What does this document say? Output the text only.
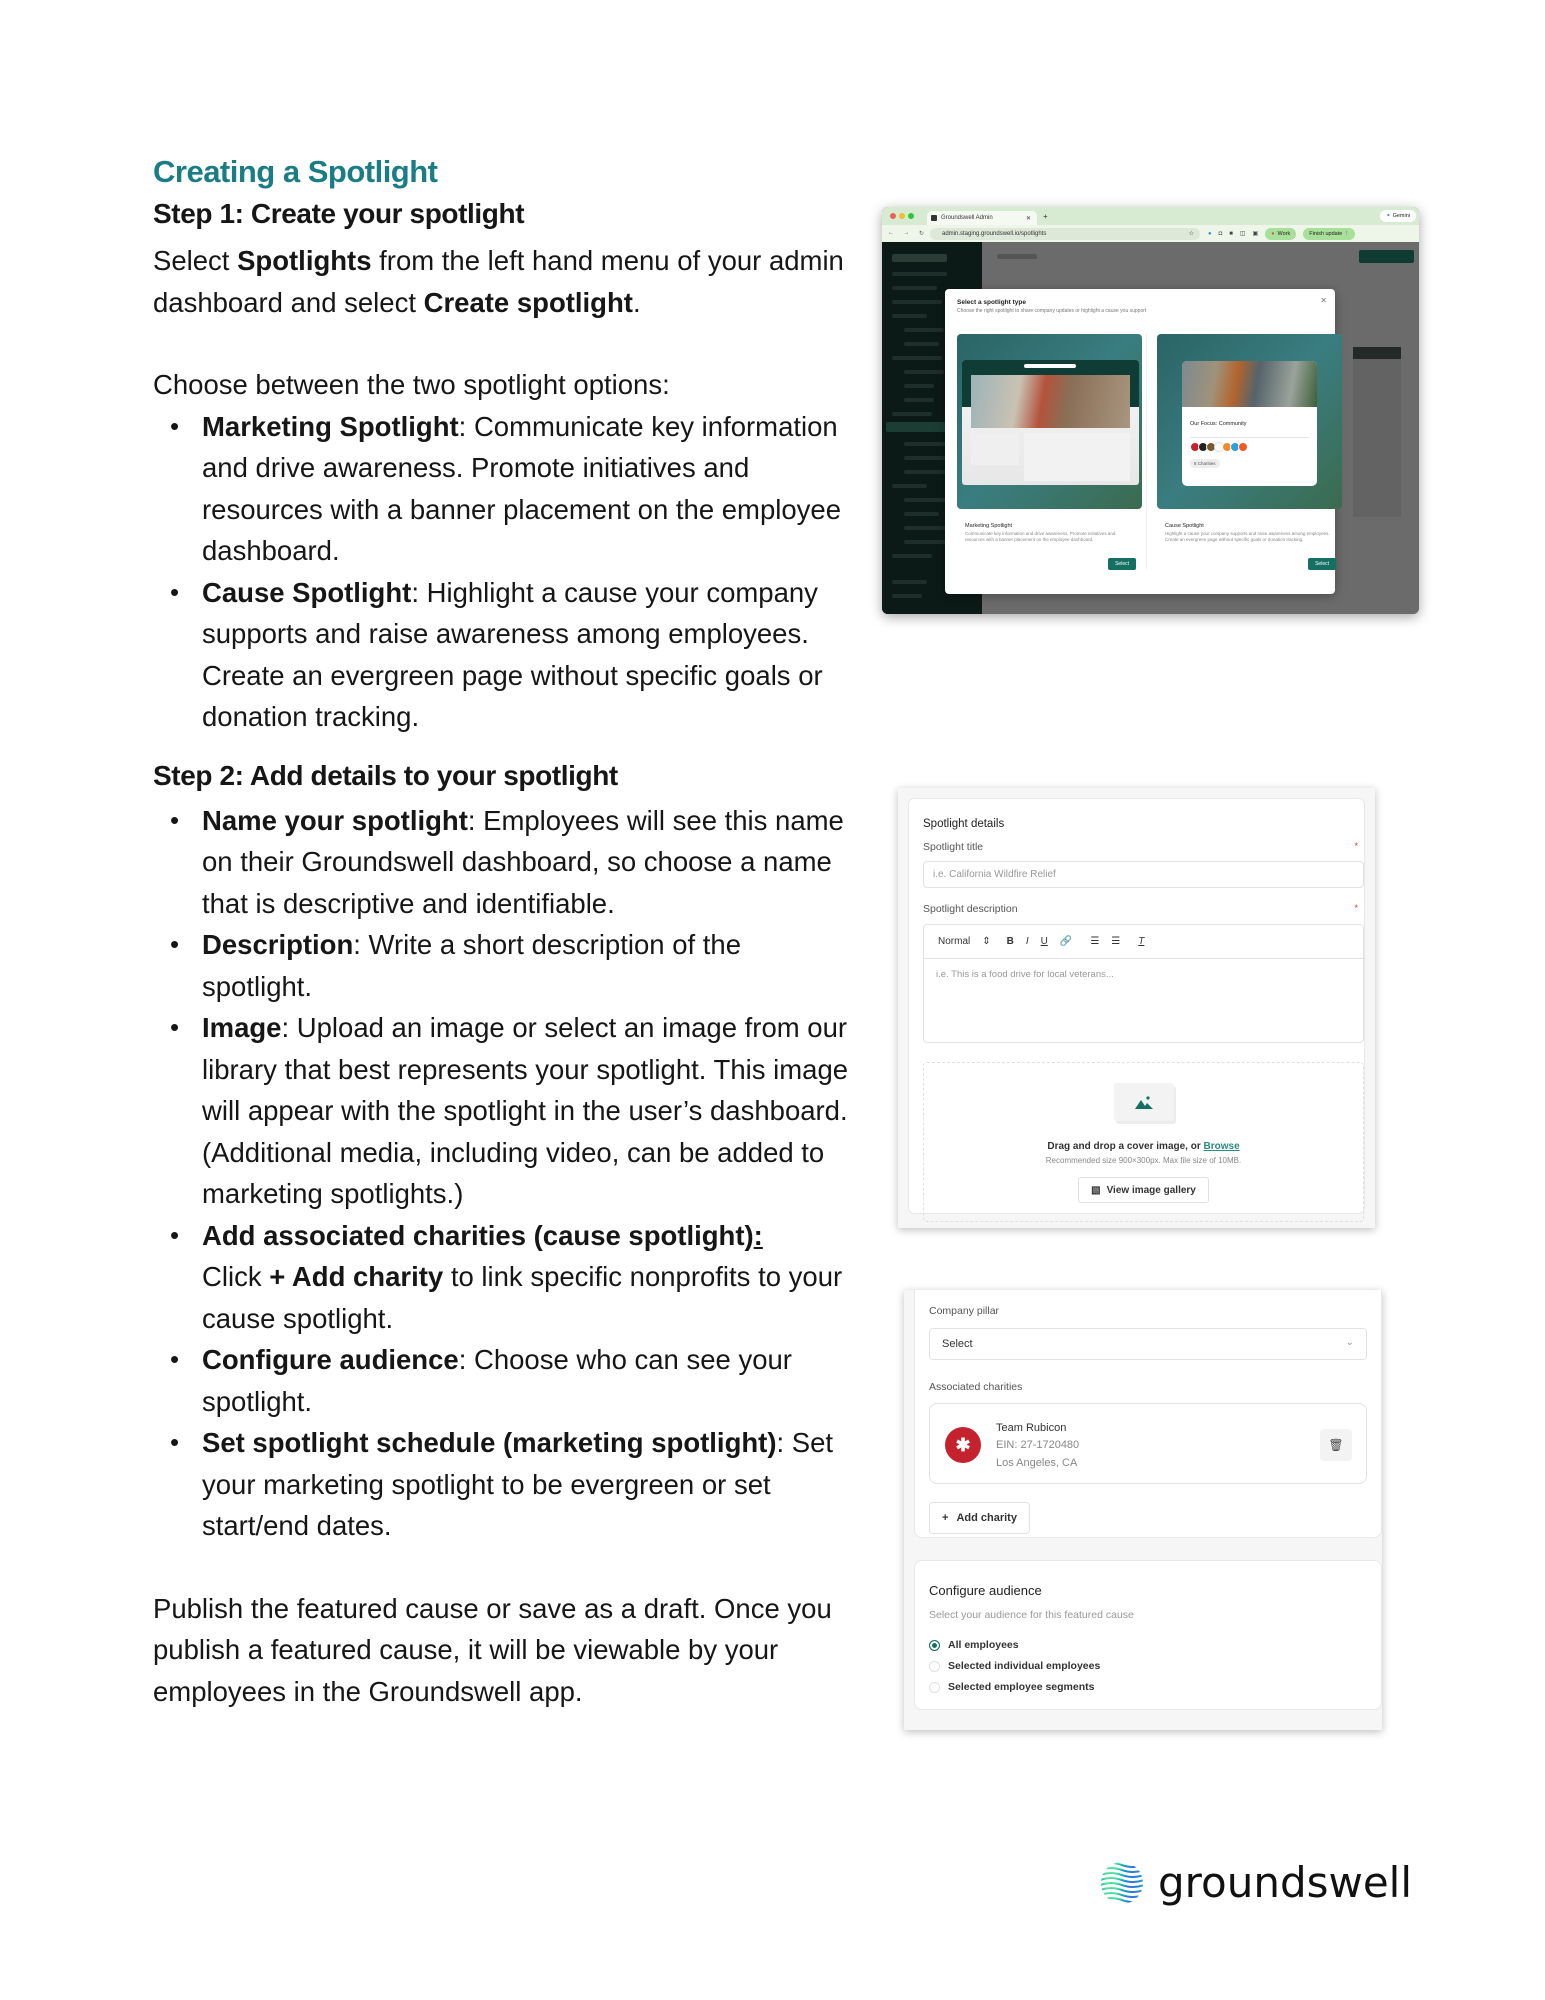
Creating a Spotlight
Step 1: Create your spotlight
Select Spotlights from the left hand menu of your admin dashboard and select Create spotlight.
Choose between the two spotlight options:
• Marketing Spotlight: Communicate key information and drive awareness. Promote initiatives and resources with a banner placement on the employee dashboard.
• Cause Spotlight: Highlight a cause your company supports and raise awareness among employees. Create an evergreen page without specific goals or donation tracking.
Step 2: Add details to your spotlight
• Name your spotlight: Employees will see this name on their Groundswell dashboard, so choose a name that is descriptive and identifiable.
• Description: Write a short description of the spotlight.
• Image: Upload an image or select an image from our library that best represents your spotlight. This image will appear with the spotlight in the user’s dashboard. (Additional media, including video, can be added to marketing spotlights.)
• Add associated charities (cause spotlight):
Click + Add charity to link specific nonprofits to your cause spotlight.
• Configure audience: Choose who can see your spotlight.
• Set spotlight schedule (marketing spotlight): Set your marketing spotlight to be evergreen or set start/end dates.
Publish the featured cause or save as a draft. Once you publish a featured cause, it will be viewable by your employees in the Groundswell app.
Groundswell Admin	✕ +	✦ Gemini
← → ↻	admin.staging.groundswell.io/spotlights	☆ ● ◘ ■ ◫ ▣ ● Work	Finish update ⋮
Select a spotlight type
Choose the right spotlight to share company updates or highlight a cause you support
✕
Marketing Spotlight
Communicate key information and drive awareness. Promote initiatives and resources with a banner placement on the employee dashboard.
Select
Our Focus: Community
8 Charities
Cause Spotlight
Highlight a cause your company supports and raise awareness among employees. Create an evergreen page without specific goals or donation tracking.
Select
Spotlight details
Spotlight title	*
i.e. California Wildfire Relief
Spotlight description	*
Normal ⇕ B I U 🔗 ☰ ☰ T
i.e. This is a food drive for local veterans...
Drag and drop a cover image, or Browse
Recommended size 900×300px. Max file size of 10MB.
▧ View image gallery
Company pillar
Select	⌄
Associated charities
✱
Team Rubicon
EIN: 27-1720480
Los Angeles, CA
🗑
+ Add charity
Configure audience
Select your audience for this featured cause
All employees
Selected individual employees
Selected employee segments
groundswell
